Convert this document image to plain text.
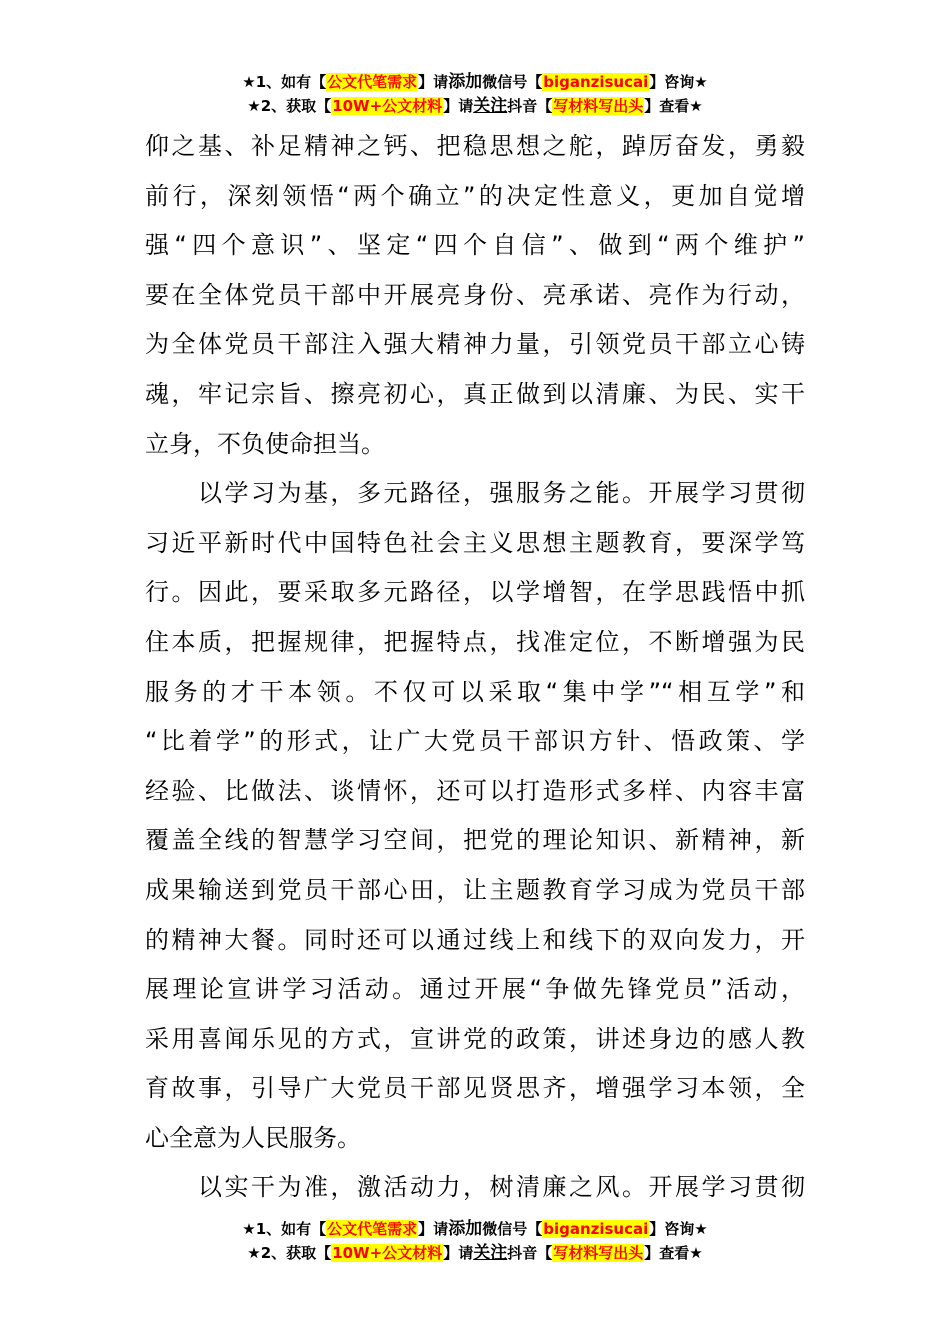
★1、如有【公文代笔需求】请添加微信号【biganzisucai】咨询★
★2、获取【10W+公文材料】请关注抖音【写材料写出头】查看★

仰之基、补足精神之钙、把稳思想之舵，踔厉奋发，勇毅
前行，深刻领悟“两个确立”的决定性意义，更加自觉增
强“四个意识”、坚定“四个自信”、做到“两个维护”
要在全体党员干部中开展亮身份、亮承诺、亮作为行动，
为全体党员干部注入强大精神力量，引领党员干部立心铸
魂，牢记宗旨、擦亮初心，真正做到以清廉、为民、实干
立身，不负使命担当。

　　以学习为基，多元路径，强服务之能。开展学习贯彻
习近平新时代中国特色社会主义思想主题教育，要深学笃
行。因此，要采取多元路径，以学增智，在学思践悟中抓
住本质，把握规律，把握特点，找准定位，不断增强为民
服务的才干本领。不仅可以采取“集中学”“相互学”和
“比着学”的形式，让广大党员干部识方针、悟政策、学
经验、比做法、谈情怀，还可以打造形式多样、内容丰富
覆盖全线的智慧学习空间，把党的理论知识、新精神，新
成果输送到党员干部心田，让主题教育学习成为党员干部
的精神大餐。同时还可以通过线上和线下的双向发力，开
展理论宣讲学习活动。通过开展“争做先锋党员”活动，
采用喜闻乐见的方式，宣讲党的政策，讲述身边的感人教
育故事，引导广大党员干部见贤思齐，增强学习本领，全
心全意为人民服务。

　　以实干为准，激活动力，树清廉之风。开展学习贯彻

★1、如有【公文代笔需求】请添加微信号【biganzisucai】咨询★
★2、获取【10W+公文材料】请关注抖音【写材料写出头】查看★
